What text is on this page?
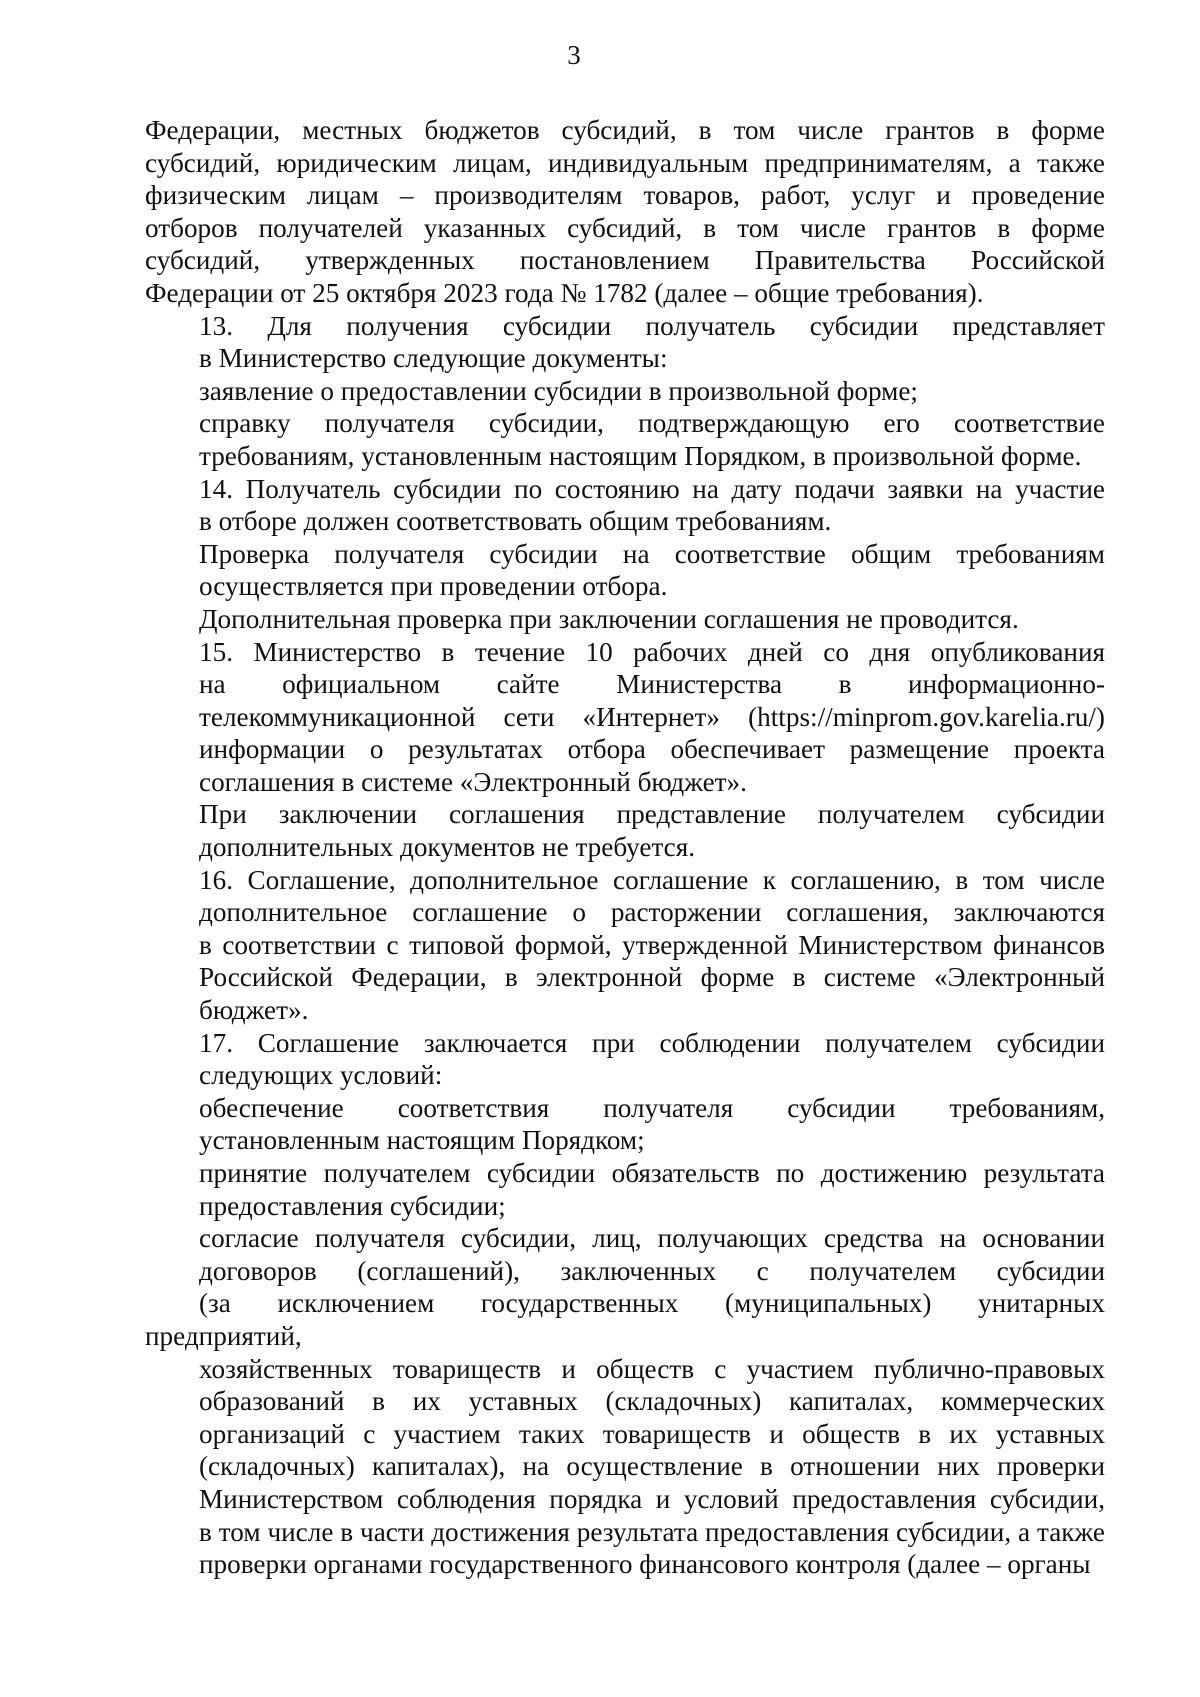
3

Федерации, местных бюджетов субсидий, в том числе грантов в форме
субсидий, юридическим лицам, индивидуальным предпринимателям, а также
физическим лицам – производителям товаров, работ, услуг и проведение
отборов получателей указанных субсидий, в том числе грантов в форме
субсидий, утвержденных постановлением Правительства Российской
Федерации от 25 октября 2023 года № 1782 (далее – общие требования).

13. Для получения субсидии получатель субсидии представляет
в Министерство следующие документы:

заявление о предоставлении субсидии в произвольной форме;

справку получателя субсидии, подтверждающую его соответствие
требованиям, установленным настоящим Порядком, в произвольной форме.

14. Получатель субсидии по состоянию на дату подачи заявки на участие
в отборе должен соответствовать общим требованиям.

Проверка получателя субсидии на соответствие общим требованиям
осуществляется при проведении отбора.

Дополнительная проверка при заключении соглашения не проводится.

15. Министерство в течение 10 рабочих дней со дня опубликования
на официальном сайте Министерства в информационно-
телекоммуникационной сети «Интернет» (https://minprom.gov.karelia.ru/)
информации о результатах отбора обеспечивает размещение проекта
соглашения в системе «Электронный бюджет».

При заключении соглашения представление получателем субсидии
дополнительных документов не требуется.

16. Соглашение, дополнительное соглашение к соглашению, в том числе
дополнительное соглашение о расторжении соглашения, заключаются
в соответствии с типовой формой, утвержденной Министерством финансов
Российской Федерации, в электронной форме в системе «Электронный
бюджет».

17. Соглашение заключается при соблюдении получателем субсидии
следующих условий:

обеспечение соответствия получателя субсидии требованиям,
установленным настоящим Порядком;

принятие получателем субсидии обязательств по достижению результата
предоставления субсидии;

согласие получателя субсидии, лиц, получающих средства на основании
договоров (соглашений), заключенных с получателем субсидии
(за исключением государственных (муниципальных) унитарных предприятий,
хозяйственных товариществ и обществ с участием публично-правовых
образований в их уставных (складочных) капиталах, коммерческих
организаций с участием таких товариществ и обществ в их уставных
(складочных) капиталах), на осуществление в отношении них проверки
Министерством соблюдения порядка и условий предоставления субсидии,
в том числе в части достижения результата предоставления субсидии, а также
проверки органами государственного финансового контроля (далее – органы
